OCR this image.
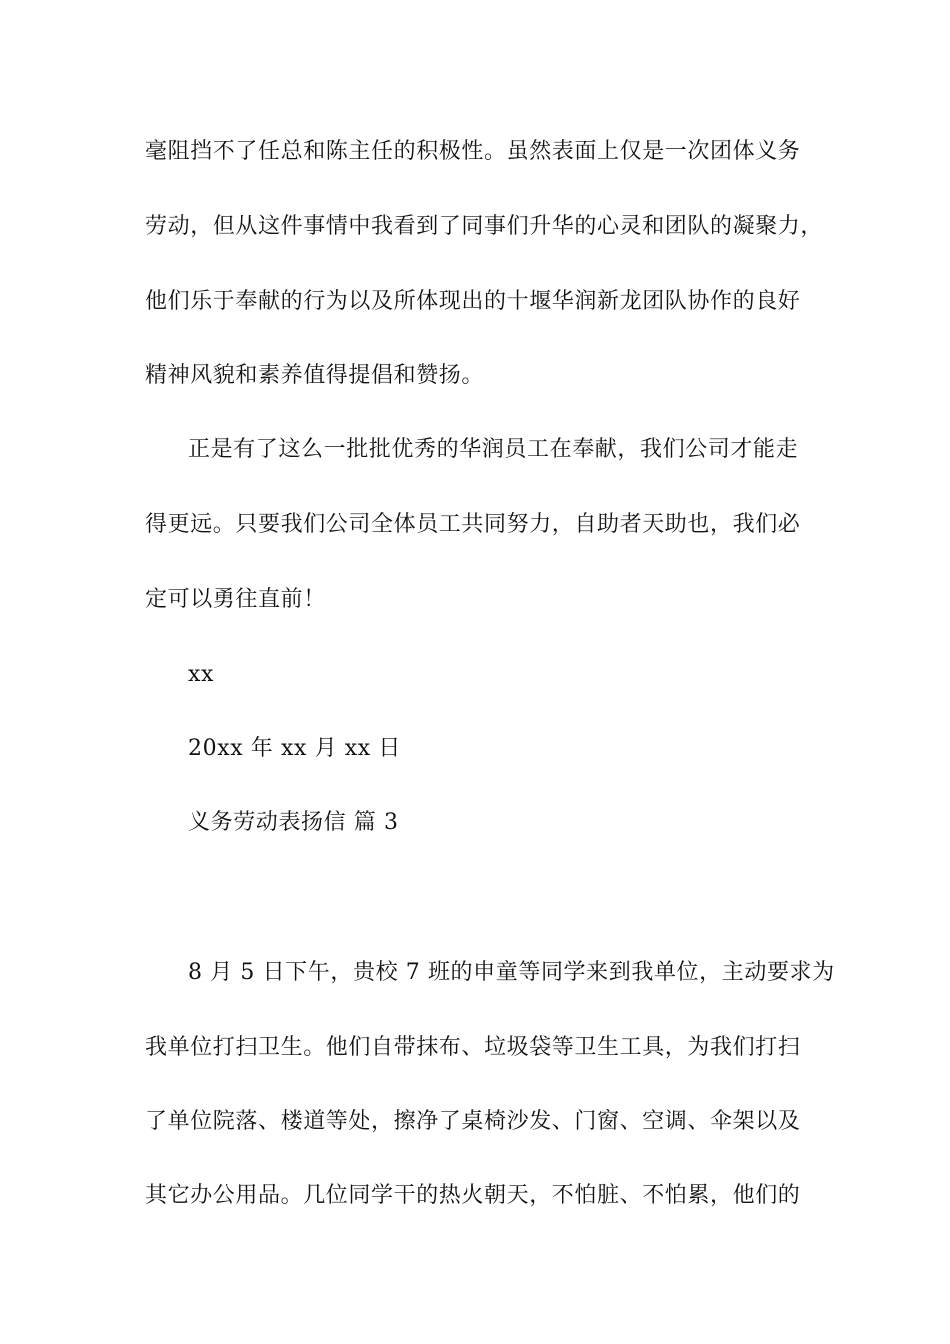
毫阻挡不了任总和陈主任的积极性。虽然表面上仅是一次团体义务
劳动，但从这件事情中我看到了同事们升华的心灵和团队的凝聚力，
他们乐于奉献的行为以及所体现出的十堰华润新龙团队协作的良好
精神风貌和素养值得提倡和赞扬。
正是有了这么一批批优秀的华润员工在奉献，我们公司才能走
得更远。只要我们公司全体员工共同努力，自助者天助也，我们必
定可以勇往直前！
xx
20xx 年 xx 月 xx 日
义务劳动表扬信 篇 3
8 月 5 日下午，贵校 7 班的申童等同学来到我单位，主动要求为
我单位打扫卫生。他们自带抹布、垃圾袋等卫生工具，为我们打扫
了单位院落、楼道等处，擦净了桌椅沙发、门窗、空调、伞架以及
其它办公用品。几位同学干的热火朝天，不怕脏、不怕累，他们的
